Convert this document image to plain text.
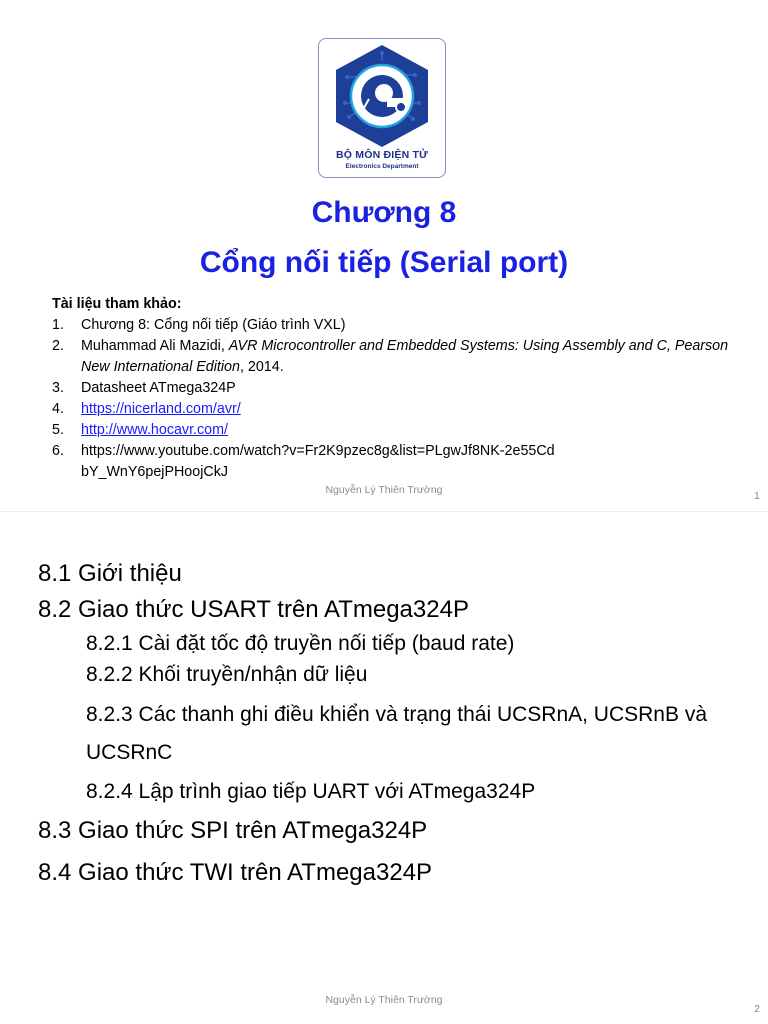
BỘ MÔN ĐIỆN TỬ
Electronics Department
Chương 8
Cổng nối tiếp (Serial port)
Tài liệu tham khảo:
1. Chương 8: Cổng nối tiếp (Giáo trình VXL)
2. Muhammad Ali Mazidi, AVR Microcontroller and Embedded Systems: Using Assembly and C, Pearson New International Edition, 2014.
3. Datasheet ATmega324P
4. https://nicerland.com/avr/
5. http://www.hocavr.com/
6. https://www.youtube.com/watch?v=Fr2K9pzec8g&list=PLgwJf8NK-2e55CdbY_WnY6pejPHoojCkJ
Nguyễn Lý Thiên Trường	1
8.1 Giới thiệu
8.2 Giao thức USART trên ATmega324P
8.2.1 Cài đặt tốc độ truyền nối tiếp (baud rate)
8.2.2 Khối truyền/nhận dữ liệu
8.2.3 Các thanh ghi điều khiển và trạng thái UCSRnA, UCSRnB và UCSRnC
8.2.4 Lập trình giao tiếp UART với ATmega324P
8.3 Giao thức SPI trên ATmega324P
8.4 Giao thức TWI trên ATmega324P
Nguyễn Lý Thiên Trường
2
